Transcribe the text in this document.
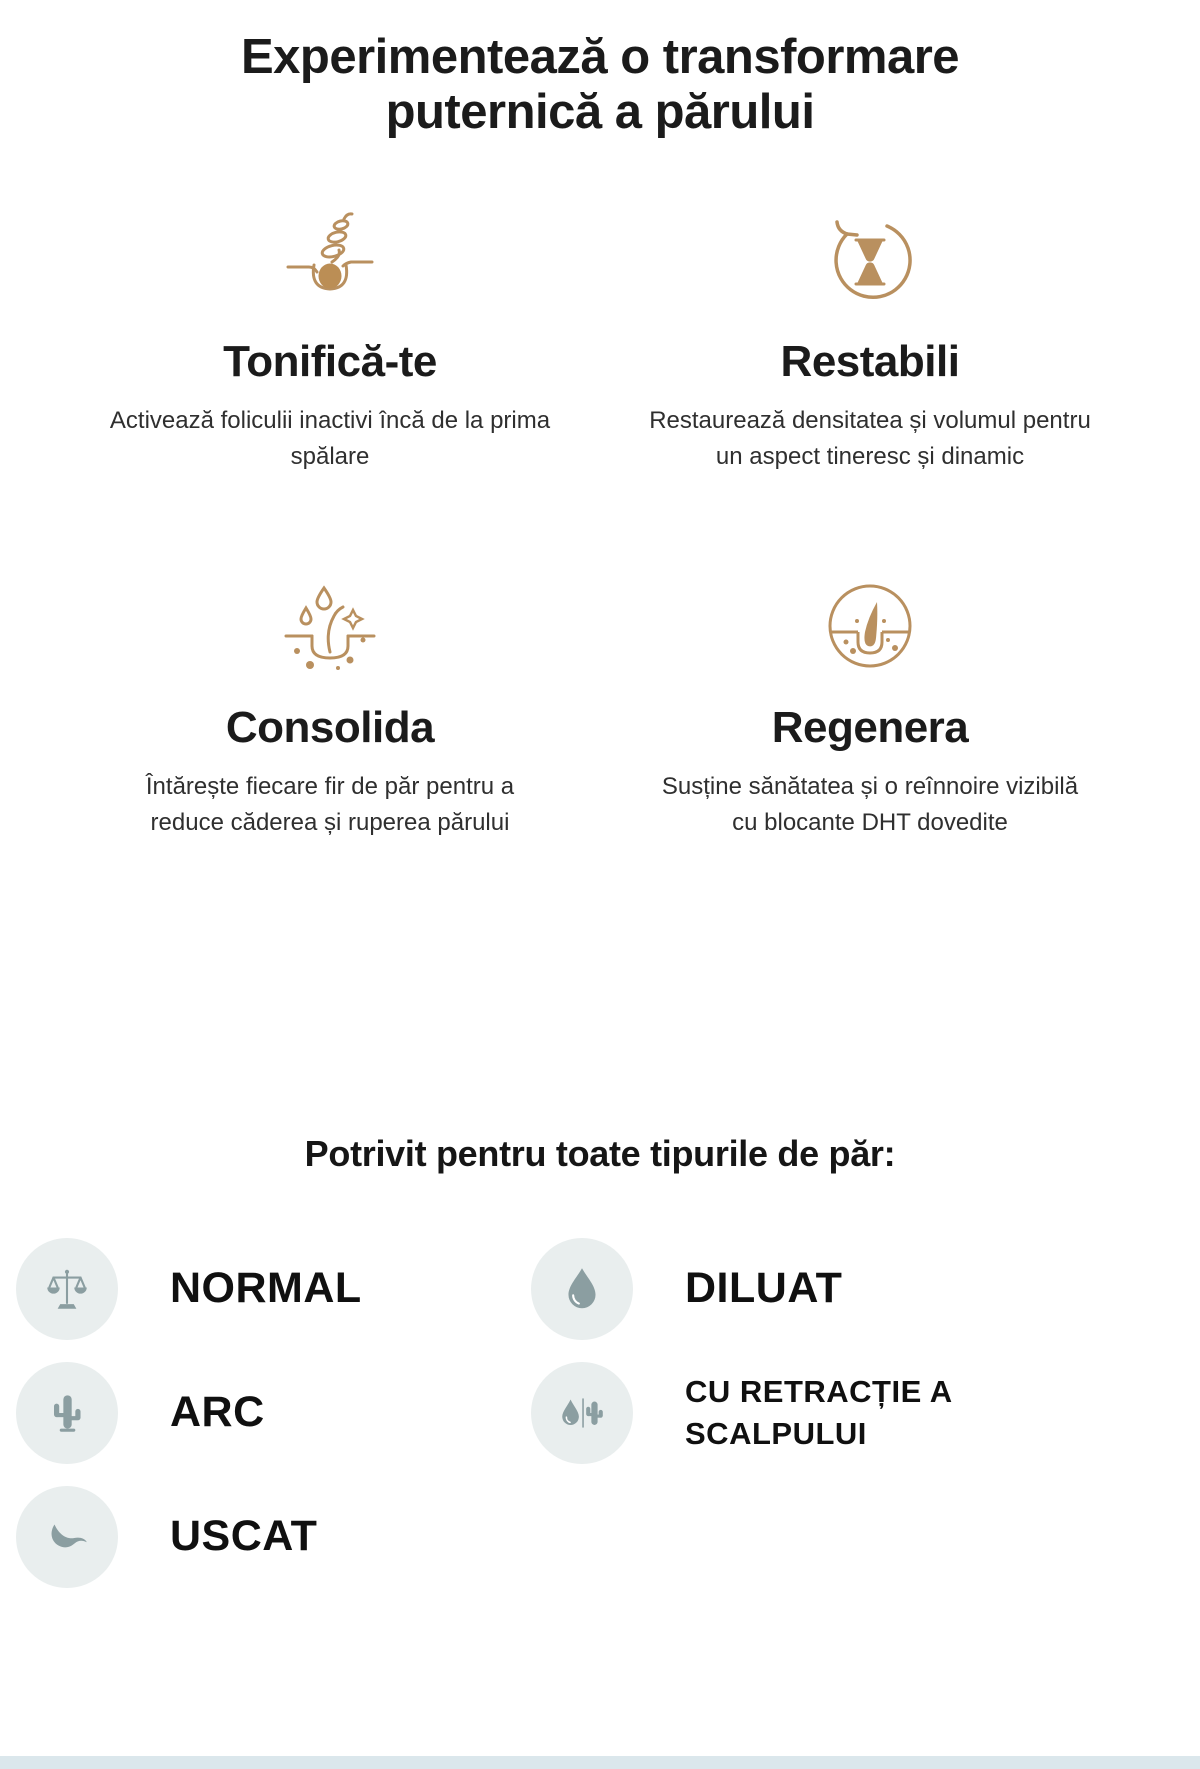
Experimentează o transformare puternică a părului
Tonifică-te

Activează foliculii inactivi încă de la prima spălare

Restabili

Restaurează densitatea și volumul pentru un aspect tineresc și dinamic

Consolida

Întărește fiecare fir de păr pentru a reduce căderea și ruperea părului

Regenera

Susține sănătatea și o reînnoire vizibilă cu blocante DHT dovedite

Potrivit pentru toate tipurile de păr:
NORMAL	DILUAT
ARC	CU RETRACȚIE A SCALPULUI
USCAT
